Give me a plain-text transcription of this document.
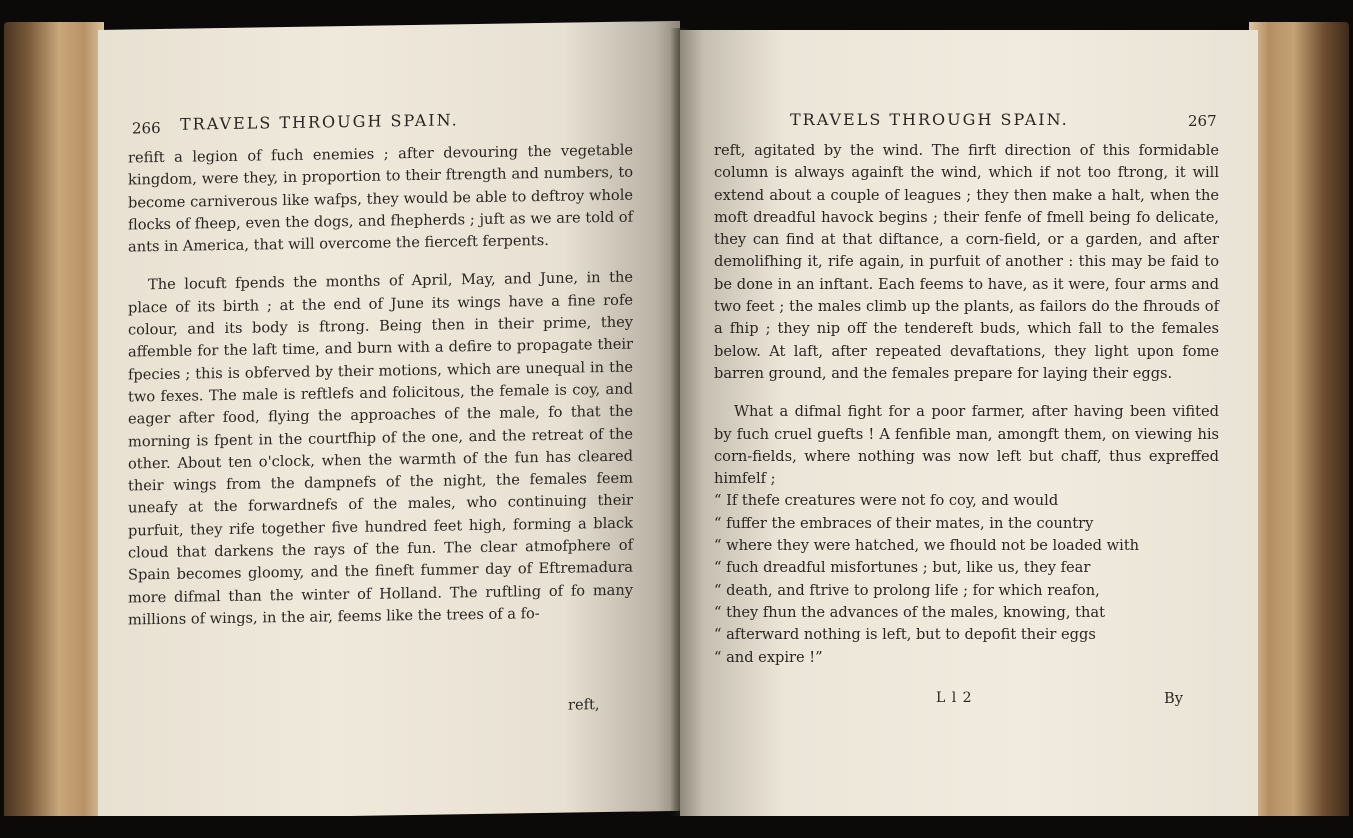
266 TRAVELS THROUGH SPAIN.

refift a legion of fuch enemies ; after devouring the vegetable kingdom, were they, in proportion to their ftrength and numbers, to become carniverous like wafps, they would be able to deftroy whole flocks of fheep, even the dogs, and fhepherds ; juft as we are told of ants in America, that will overcome the fierceft ferpents.

The locuft fpends the months of April, May, and June, in the place of its birth ; at the end of June its wings have a fine rofe colour, and its body is ftrong. Being then in their prime, they affemble for the laft time, and burn with a defire to propagate their fpecies ; this is obferved by their motions, which are unequal in the two fexes. The male is reftlefs and folicitous, the female is coy, and eager after food, flying the approaches of the male, fo that the morning is fpent in the courtfhip of the one, and the retreat of the other. About ten o'clock, when the warmth of the fun has cleared their wings from the dampnefs of the night, the females feem uneafy at the forwardnefs of the males, who continuing their purfuit, they rife together five hundred feet high, forming a black cloud that darkens the rays of the fun. The clear atmofphere of Spain becomes gloomy, and the fineft fummer day of Eftremadura more difmal than the winter of Holland. The ruftling of fo many millions of wings, in the air, feems like the trees of a fo-

reft,
TRAVELS THROUGH SPAIN.	267

reft, agitated by the wind. The firft direction of this formidable column is always againft the wind, which if not too ftrong, it will extend about a couple of leagues ; they then make a halt, when the moft dreadful havock begins ; their fenfe of fmell being fo delicate, they can find at that diftance, a corn-field, or a garden, and after demolifhing it, rife again, in purfuit of another : this may be faid to be done in an inftant. Each feems to have, as it were, four arms and two feet ; the males climb up the plants, as failors do the fhrouds of a fhip ; they nip off the tendereft buds, which fall to the females below. At laft, after repeated devaftations, they light upon fome barren ground, and the females prepare for laying their eggs.

What a difmal fight for a poor farmer, after having been vifited by fuch cruel guefts ! A fenfible man, amongft them, on viewing his corn-fields, where nothing was now left but chaff, thus expreffed himfelf ;

“ If thefe creatures were not fo coy, and would
“ fuffer the embraces of their mates, in the country
“ where they were hatched, we fhould not be loaded with
“ fuch dreadful misfortunes ; but, like us, they fear
“ death, and ftrive to prolong life ; for which reafon,
“ they fhun the advances of the males, knowing, that
“ afterward nothing is left, but to depofit their eggs
“ and expire !”
L l 2	By
